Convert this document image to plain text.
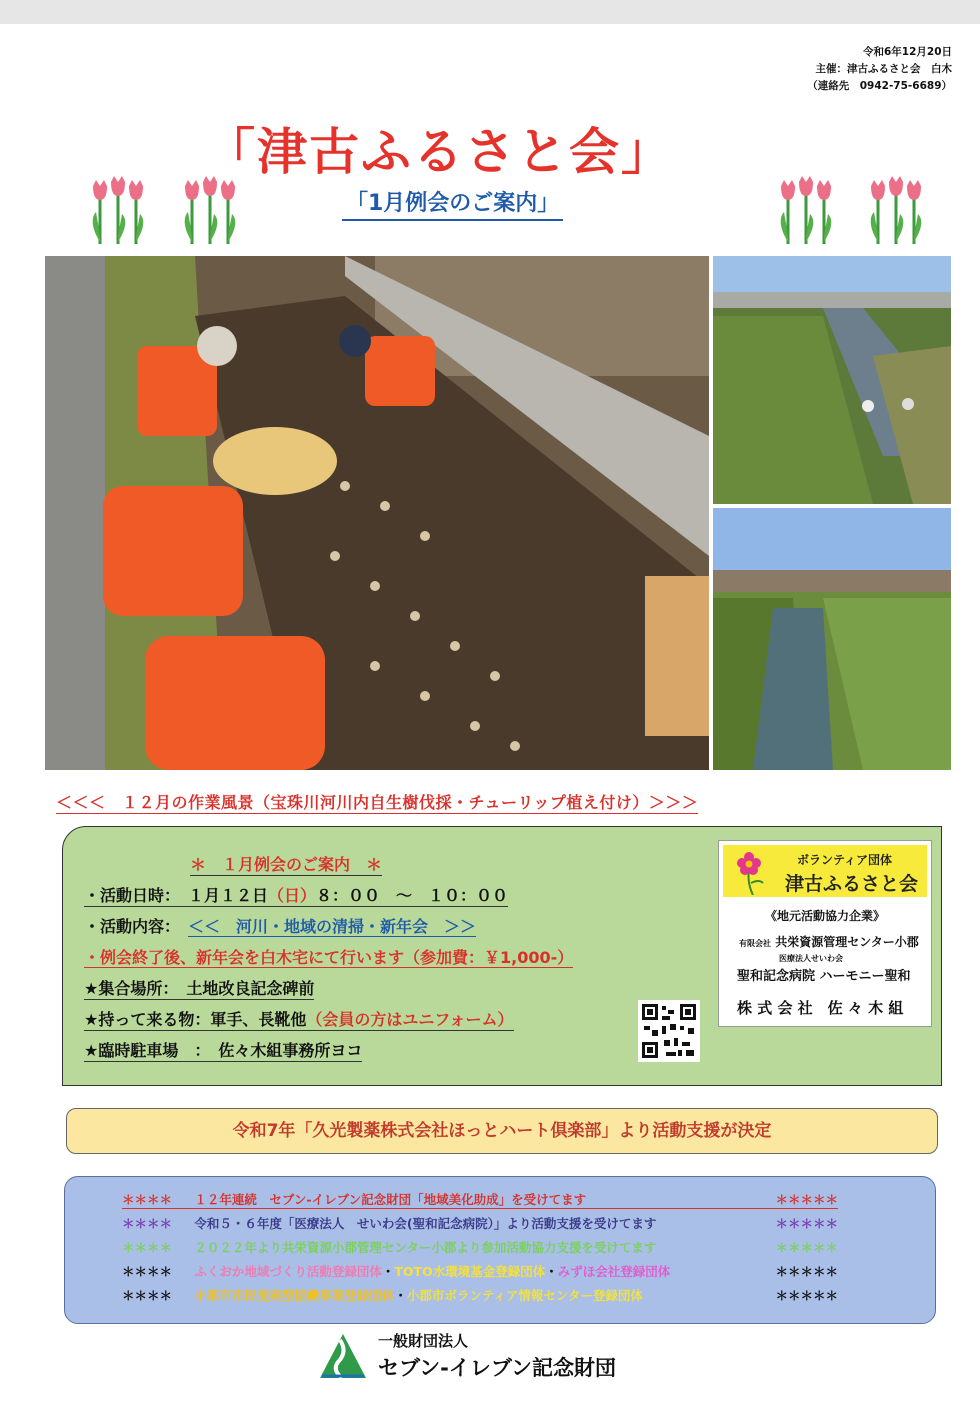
令和6年12月20日
主催：津古ふるさと会　白木
（連絡先　0942-75-6689）
「津古ふるさと会」
「1月例会のご案内」
＜＜＜　１２月の作業風景（宝珠川河川内自生樹伐採・チューリップ植え付け）＞＞＞
＊　１月例会のご案内　＊
・活動日時：　１月１２日（日）８：００　～　１０：００
・活動内容：　＜＜　河川・地域の清掃・新年会　＞＞
・例会終了後、新年会を白木宅にて行います（参加費：￥1,000-）
★集合場所：　土地改良記念碑前
★持って来る物：軍手、長靴他（会員の方はユニフォーム）
★臨時駐車場　：　佐々木組事務所ヨコ
ボランティア団体
津古ふるさと会
《地元活動協力企業》
有限会社 共栄資源管理センター小郡
医療法人せいわ会
聖和記念病院 ハーモニー聖和
株 式 会 社　佐 々 木 組
令和7年「久光製薬株式会社ほっとハート倶楽部」より活動支援が決定
＊＊＊＊ １２年連続　セブン-イレブン記念財団「地域美化助成」を受けてます	＊＊＊＊＊
＊＊＊＊ 令和５・６年度「医療法人　せいわ会(聖和記念病院）」より活動支援を受けてます	＊＊＊＊＊
＊＊＊＊ ２０２２年より共栄資源小郡管理センター小郡より参加活動協力支援を受けてます	＊＊＊＊＊
＊＊＊＊ ふくおか地域づくり活動登録団体・TOTO水環境基金登録団体・みずほ会社登録団体	＊＊＊＊＊
＊＊＊＊ 小郡市市民提案型協働事業登録団体・小郡市ボランティア情報センター登録団体	＊＊＊＊＊
一般財団法人
セブン-イレブン記念財団
